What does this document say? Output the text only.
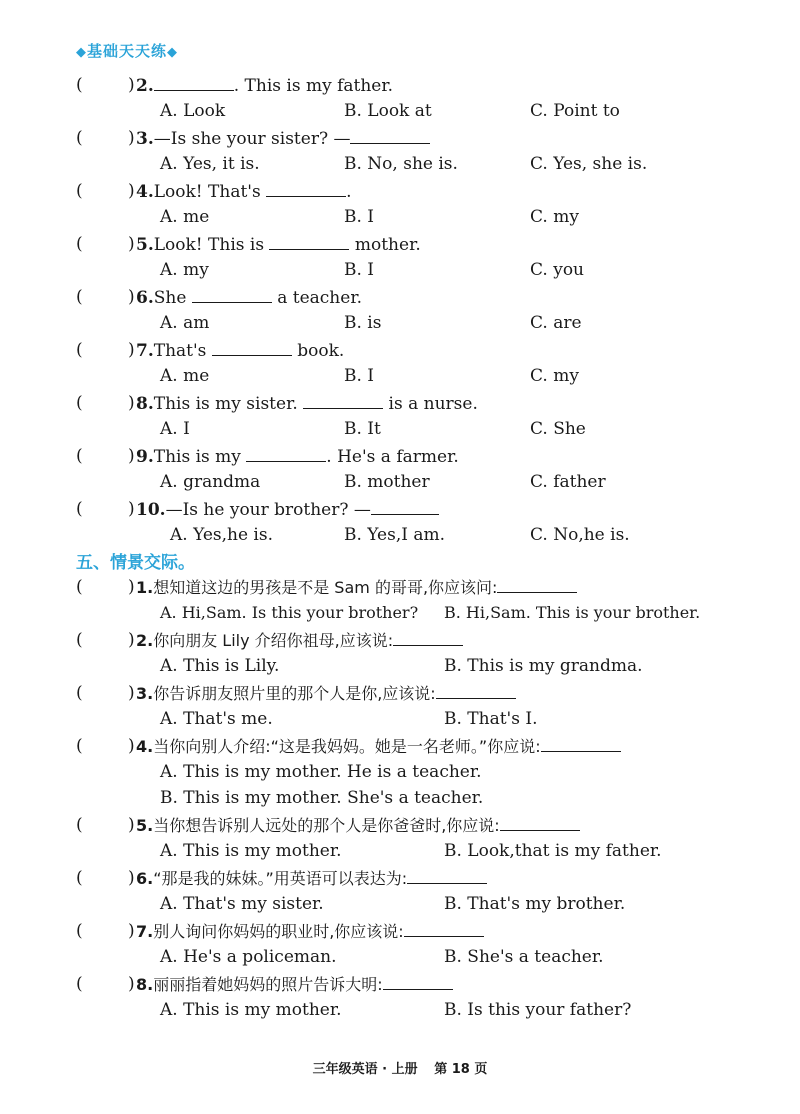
◆基础天天练◆
(	) 2.	. This is my father.
A. Look	B. Look at	C. Point to
(	) 3.—Is she your sister? —
A. Yes, it is.	B. No, she is.	C. Yes, she is.
(	) 4.Look! That's	.
A. me	B. I	C. my
(	) 5.Look! This is	mother.
A. my	B. I	C. you
(	) 6.She	a teacher.
A. am	B. is	C. are
(	) 7.That's	book.
A. me	B. I	C. my
(	) 8.This is my sister.	is a nurse.
A. I	B. It	C. She
(	) 9.This is my	. He's a farmer.
A. grandma	B. mother	C. father
(	) 10.—Is he your brother? —
A. Yes,he is.	B. Yes,I am.	C. No,he is.
五、情景交际。
(	) 1.想知道这边的男孩是不是 Sam 的哥哥,你应该问:
A. Hi,Sam. Is this your brother? B. Hi,Sam. This is your brother.
(	) 2.你向朋友 Lily 介绍你祖母,应该说:
A. This is Lily.	B. This is my grandma.
(	) 3.你告诉朋友照片里的那个人是你,应该说:
A. That's me.	B. That's I.
(	) 4.当你向别人介绍:“这是我妈妈。她是一名老师。”你应说:
A. This is my mother. He is a teacher.
B. This is my mother. She's a teacher.
(	) 5.当你想告诉别人远处的那个人是你爸爸时,你应说:
A. This is my mother.	B. Look,that is my father.
(	) 6.“那是我的妹妹。”用英语可以表达为:
A. That's my sister.	B. That's my brother.
(	) 7.别人询问你妈妈的职业时,你应该说:
A. He's a policeman.	B. She's a teacher.
(	) 8.丽丽指着她妈妈的照片告诉大明:
A. This is my mother.	B. Is this your father?
三年级英语 · 上册 第 18 页
